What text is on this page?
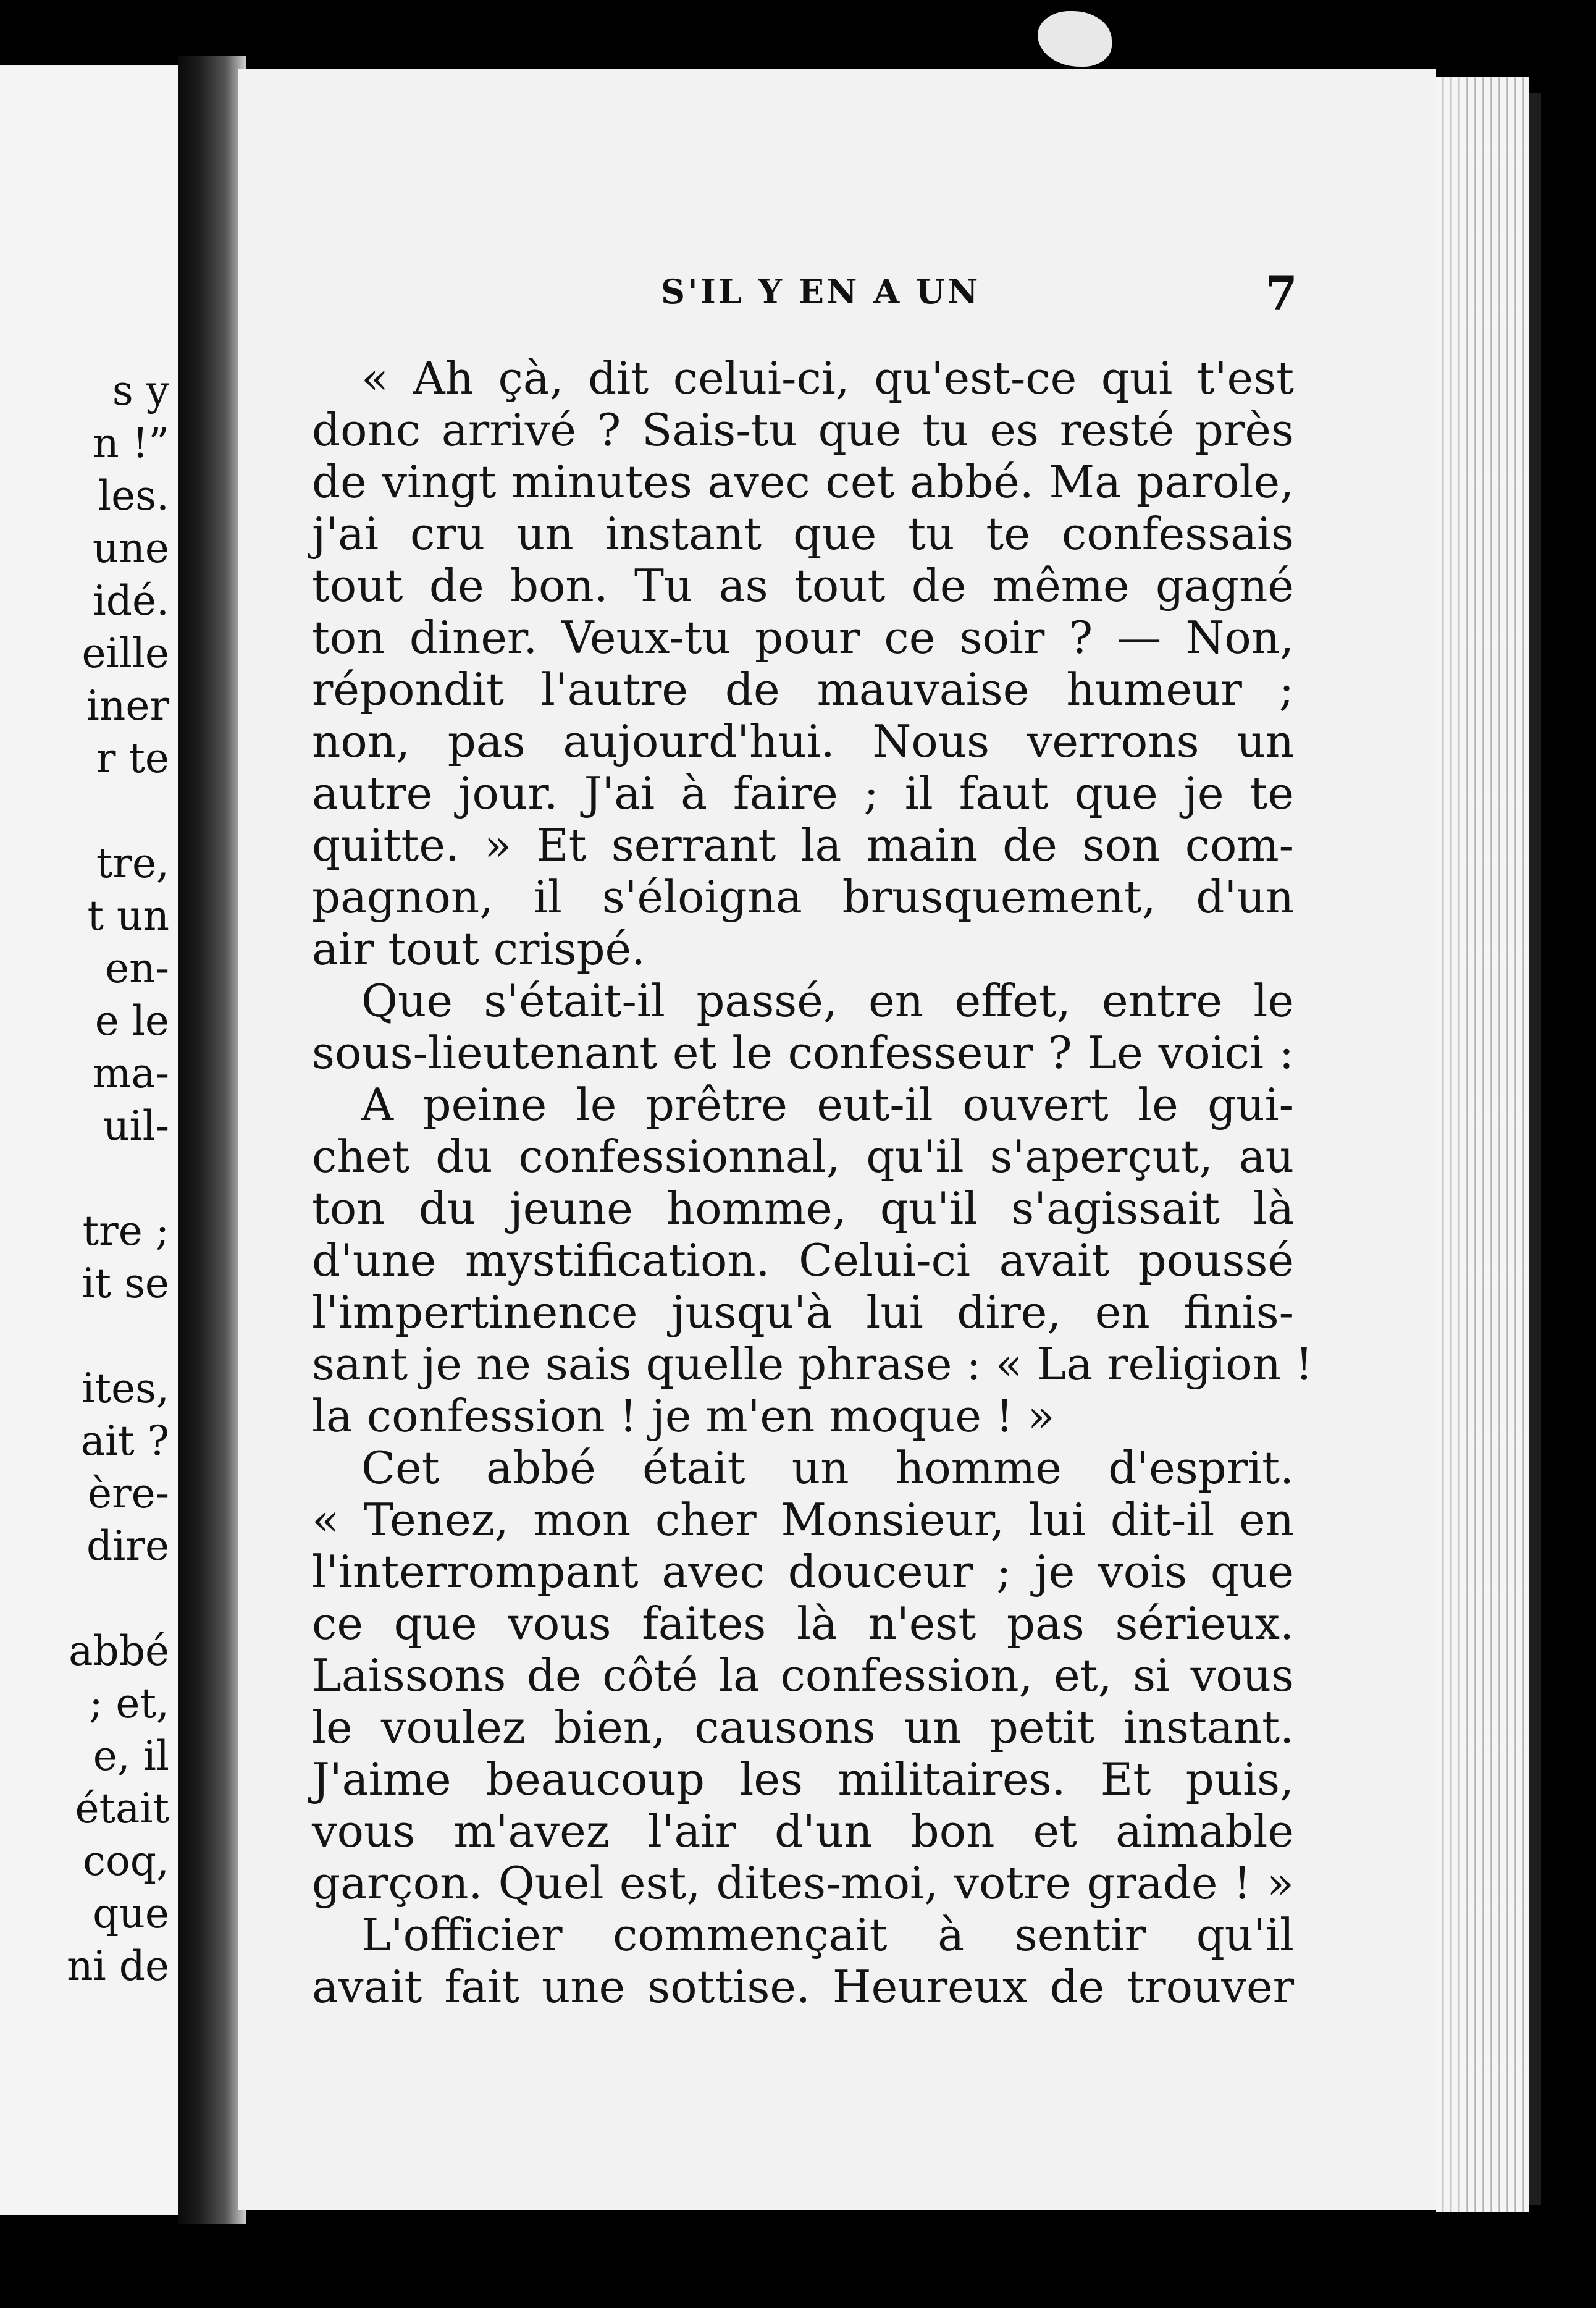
s y

n !”

les.

une

idé.

eille

iner

r te

tre,

t un

en-

e le

ma-

uil-

tre ;

it se

ites,

ait ?

ère-

dire

abbé

; et,

e, il

était

coq,

que

ni de

S'IL Y EN A UN	7

« Ah çà, dit celui-ci, qu'est-ce qui t'est
donc arrivé ? Sais-tu que tu es resté près
de vingt minutes avec cet abbé. Ma parole,
j'ai cru un instant que tu te confessais
tout de bon. Tu as tout de même gagné
ton diner. Veux-tu pour ce soir ? — Non,
répondit l'autre de mauvaise humeur ;
non, pas aujourd'hui. Nous verrons un
autre jour. J'ai à faire ; il faut que je te
quitte. » Et serrant la main de son com-
pagnon, il s'éloigna brusquement, d'un
air tout crispé.
Que s'était-il passé, en effet, entre le
sous-lieutenant et le confesseur ? Le voici :
A peine le prêtre eut-il ouvert le gui-
chet du confessionnal, qu'il s'aperçut, au
ton du jeune homme, qu'il s'agissait là
d'une mystification. Celui-ci avait poussé
l'impertinence jusqu'à lui dire, en finis-
sant je ne sais quelle phrase : « La religion !
la confession ! je m'en moque ! »
Cet abbé était un homme d'esprit.
« Tenez, mon cher Monsieur, lui dit-il en
l'interrompant avec douceur ; je vois que
ce que vous faites là n'est pas sérieux.
Laissons de côté la confession, et, si vous
le voulez bien, causons un petit instant.
J'aime beaucoup les militaires. Et puis,
vous m'avez l'air d'un bon et aimable
garçon. Quel est, dites-moi, votre grade ! »
L'officier commençait à sentir qu'il
avait fait une sottise. Heureux de trouver
